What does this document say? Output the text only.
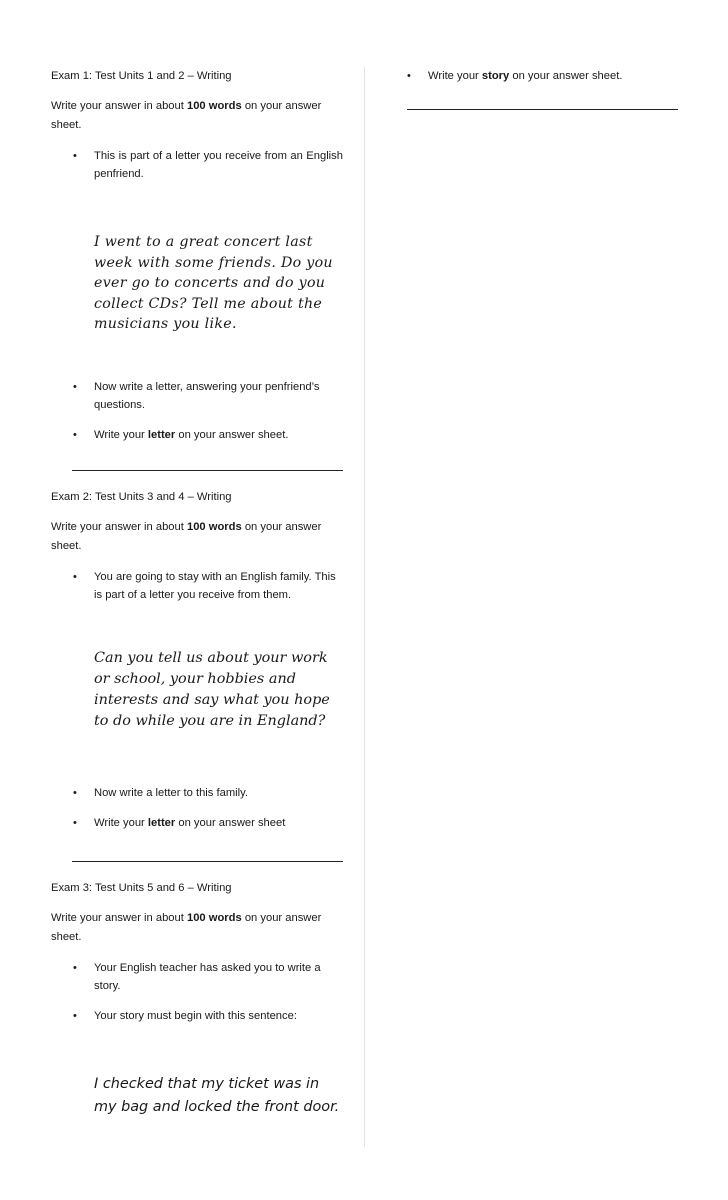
Exam 1: Test Units 1 and 2 – Writing

Write your answer in about 100 words on your answer sheet.

• This is part of a letter you receive from an English penfriend.

I went to a great concert last week with some friends. Do you ever go to concerts and do you collect CDs? Tell me about the musicians you like.

• Now write a letter, answering your penfriend’s questions.
• Write your letter on your answer sheet.

Exam 2: Test Units 3 and 4 – Writing

Write your answer in about 100 words on your answer sheet.

• You are going to stay with an English family. This is part of a letter you receive from them.

Can you tell us about your work or school, your hobbies and interests and say what you hope to do while you are in England?

• Now write a letter to this family.
• Write your letter on your answer sheet

Exam 3: Test Units 5 and 6 – Writing

Write your answer in about 100 words on your answer sheet.

• Your English teacher has asked you to write a story.
• Your story must begin with this sentence:

I checked that my ticket was in my bag and locked the front door.

• Write your story on your answer sheet.
